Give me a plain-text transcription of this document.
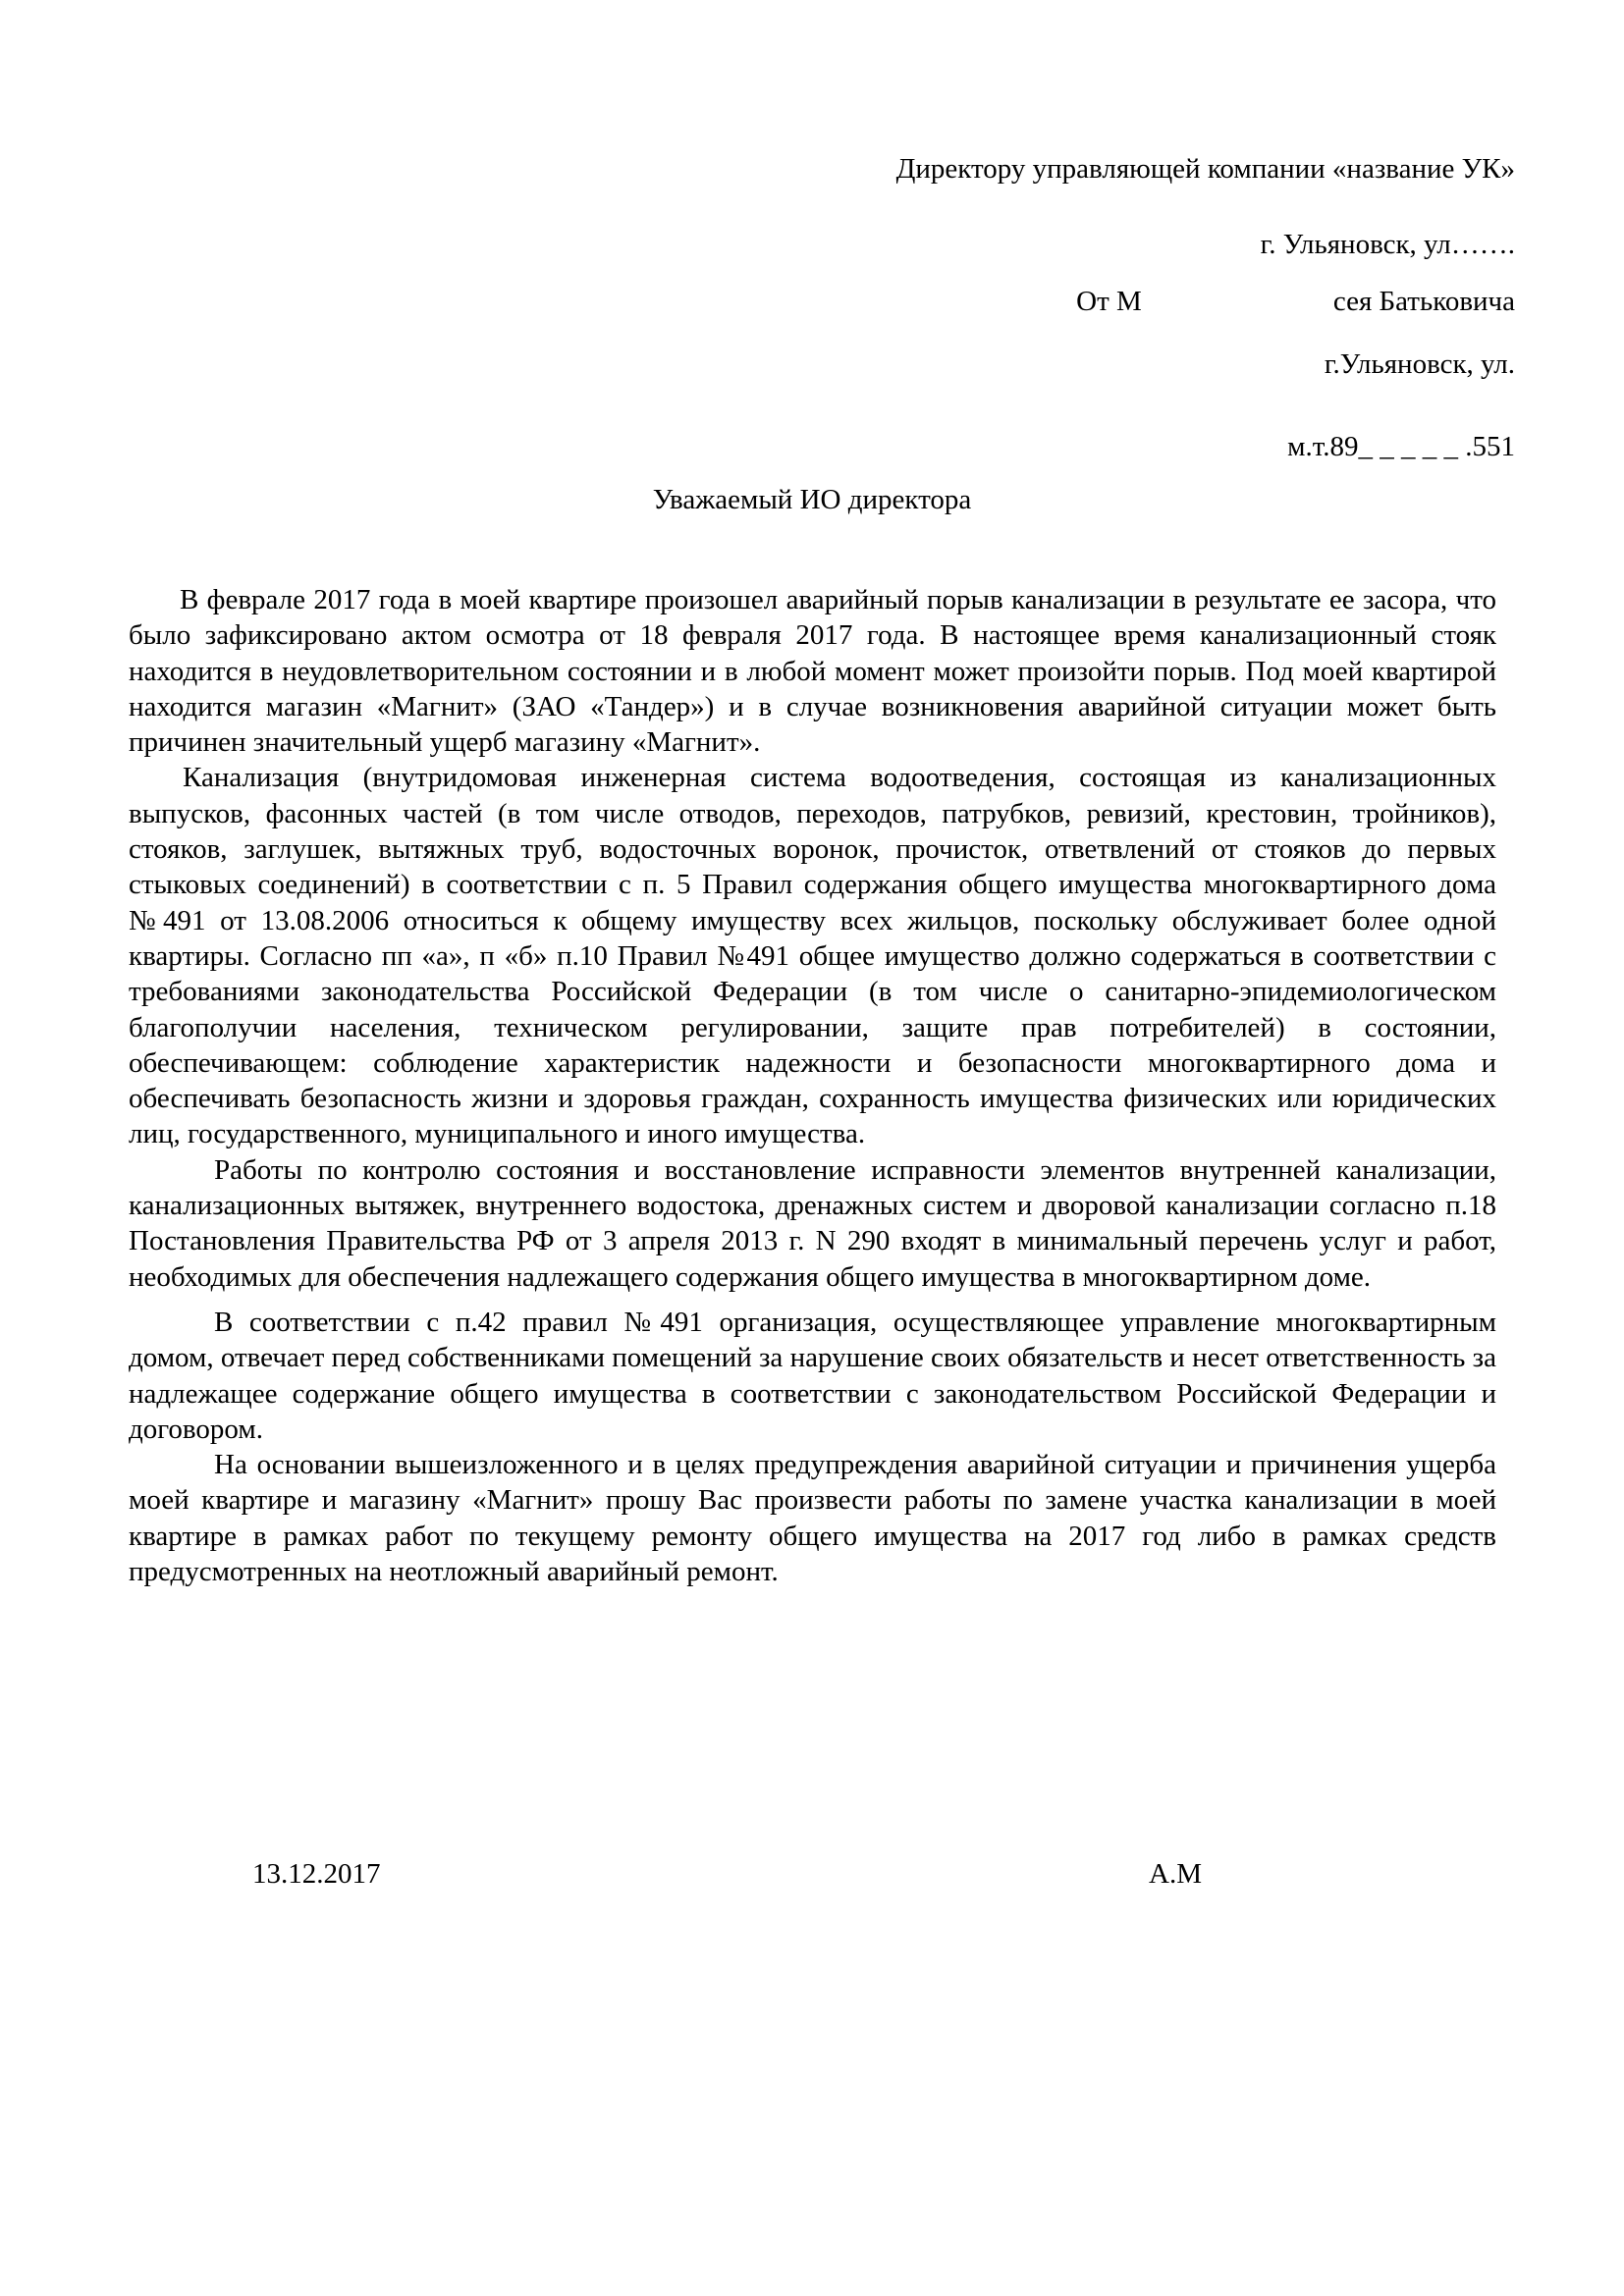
Директору управляющей компании «название УК»
г. Ульяновск, ул…….
От М	сея Батьковича
г.Ульяновск, ул.
м.т.89_ _ _ _ _ .551
Уважаемый ИО директора

В феврале 2017 года в моей квартире произошел аварийный порыв канализации в результате ее засора, что было зафиксировано актом осмотра от 18 февраля 2017 года. В настоящее время канализационный стояк находится в неудовлетворительном состоянии и в любой момент может произойти порыв. Под моей квартирой находится магазин «Магнит» (ЗАО «Тандер») и в случае возникновения аварийной ситуации может быть причинен значительный ущерб магазину «Магнит».

Канализация (внутридомовая инженерная система водоотведения, состоящая из канализационных выпусков, фасонных частей (в том числе отводов, переходов, патрубков, ревизий, крестовин, тройников), стояков, заглушек, вытяжных труб, водосточных воронок, прочисток, ответвлений от стояков до первых стыковых соединений) в соответствии с п. 5 Правил содержания общего имущества многоквартирного дома №491 от 13.08.2006 относиться к общему имуществу всех жильцов, поскольку обслуживает более одной квартиры. Согласно пп «а», п «б» п.10 Правил №491 общее имущество должно содержаться в соответствии с требованиями законодательства Российской Федерации (в том числе о санитарно-эпидемиологическом благополучии населения, техническом регулировании, защите прав потребителей) в состоянии, обеспечивающем: соблюдение характеристик надежности и безопасности многоквартирного дома и обеспечивать безопасность жизни и здоровья граждан, сохранность имущества физических или юридических лиц, государственного, муниципального и иного имущества.

Работы по контролю состояния и восстановление исправности элементов внутренней канализации, канализационных вытяжек, внутреннего водостока, дренажных систем и дворовой канализации согласно п.18 Постановления Правительства РФ от 3 апреля 2013 г. N 290 входят в минимальный перечень услуг и работ, необходимых для обеспечения надлежащего содержания общего имущества в многоквартирном доме.

В соответствии с п.42 правил №491 организация, осуществляющее управление многоквартирным домом, отвечает перед собственниками помещений за нарушение своих обязательств и несет ответственность за надлежащее содержание общего имущества в соответствии с законодательством Российской Федерации и договором.

На основании вышеизложенного и в целях предупреждения аварийной ситуации и причинения ущерба моей квартире и магазину «Магнит» прошу Вас произвести работы по замене участка канализации в моей квартире в рамках работ по текущему ремонту общего имущества на 2017 год либо в рамках средств предусмотренных на неотложный аварийный ремонт.

13.12.2017	А.М
